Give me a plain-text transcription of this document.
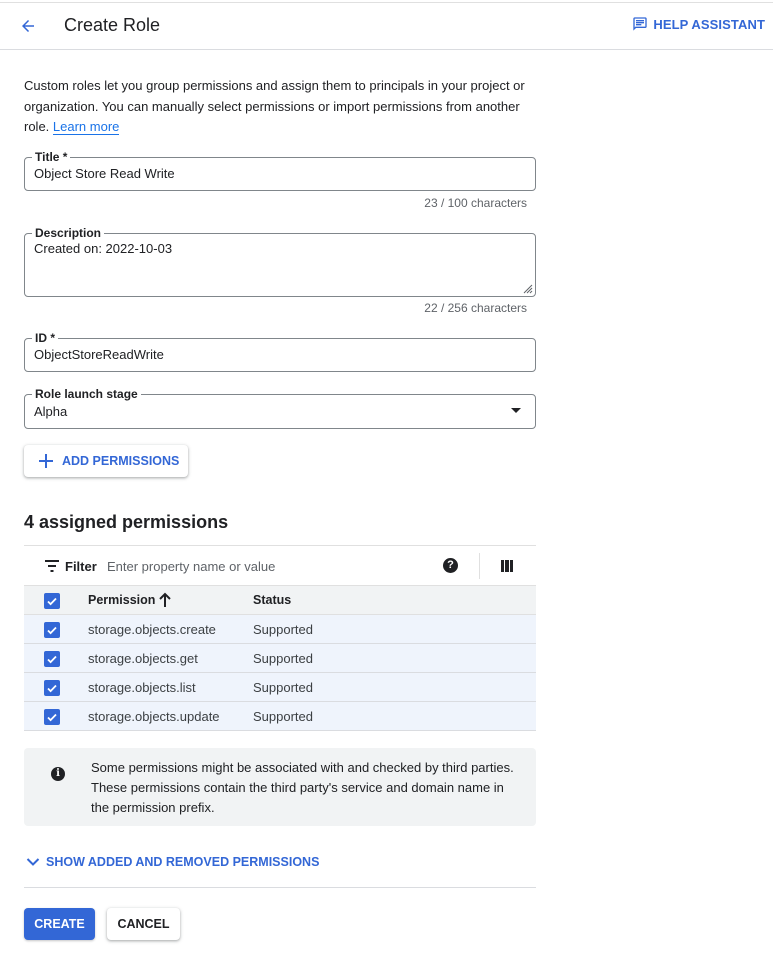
Create Role	HELP ASSISTANT
Custom roles let you group permissions and assign them to principals in your project or organization. You can manually select permissions or import permissions from another role. Learn more
Title *
Object Store Read Write
23 / 100 characters
Description
Created on: 2022-10-03
22 / 256 characters
ID *
ObjectStoreReadWrite
Role launch stage
Alpha
ADD PERMISSIONS
4 assigned permissions
Filter
Enter property name or value	?
Permission	Status
storage.objects.create	Supported
storage.objects.get	Supported
storage.objects.list	Supported
storage.objects.update	Supported
i	Some permissions might be associated with and checked by third parties. These permissions contain the third party's service and domain name in the permission prefix.
SHOW ADDED AND REMOVED PERMISSIONS
CREATE	CANCEL
